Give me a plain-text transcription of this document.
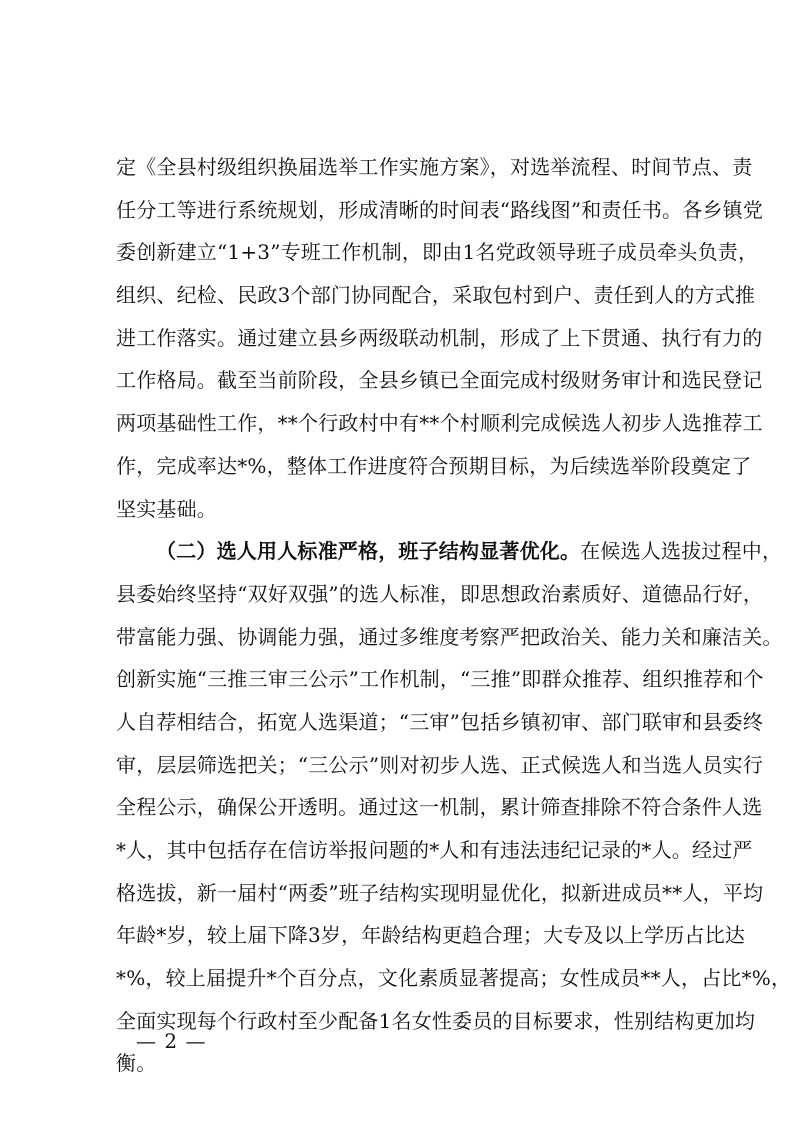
定《全县村级组织换届选举工作实施方案》，对选举流程、时间节点、责
任分工等进行系统规划，形成清晰的时间表“路线图”和责任书。各乡镇党
委创新建立“1+3”专班工作机制，即由1名党政领导班子成员牵头负责，
组织、纪检、民政3个部门协同配合，采取包村到户、责任到人的方式推
进工作落实。通过建立县乡两级联动机制，形成了上下贯通、执行有力的
工作格局。截至当前阶段，全县乡镇已全面完成村级财务审计和选民登记
两项基础性工作，**个行政村中有**个村顺利完成候选人初步人选推荐工
作，完成率达*%，整体工作进度符合预期目标，为后续选举阶段奠定了
坚实基础。
（二）选人用人标准严格，班子结构显著优化。在候选人选拔过程中，
县委始终坚持“双好双强”的选人标准，即思想政治素质好、道德品行好，
带富能力强、协调能力强，通过多维度考察严把政治关、能力关和廉洁关。
创新实施“三推三审三公示”工作机制，“三推”即群众推荐、组织推荐和个
人自荐相结合，拓宽人选渠道；“三审”包括乡镇初审、部门联审和县委终
审，层层筛选把关；“三公示”则对初步人选、正式候选人和当选人员实行
全程公示，确保公开透明。通过这一机制，累计筛查排除不符合条件人选
*人，其中包括存在信访举报问题的*人和有违法违纪记录的*人。经过严
格选拔，新一届村“两委”班子结构实现明显优化，拟新进成员**人，平均
年龄*岁，较上届下降3岁，年龄结构更趋合理；大专及以上学历占比达
*%，较上届提升*个百分点，文化素质显著提高；女性成员**人，占比*%，
全面实现每个行政村至少配备1名女性委员的目标要求，性别结构更加均
衡。
— 2 —
